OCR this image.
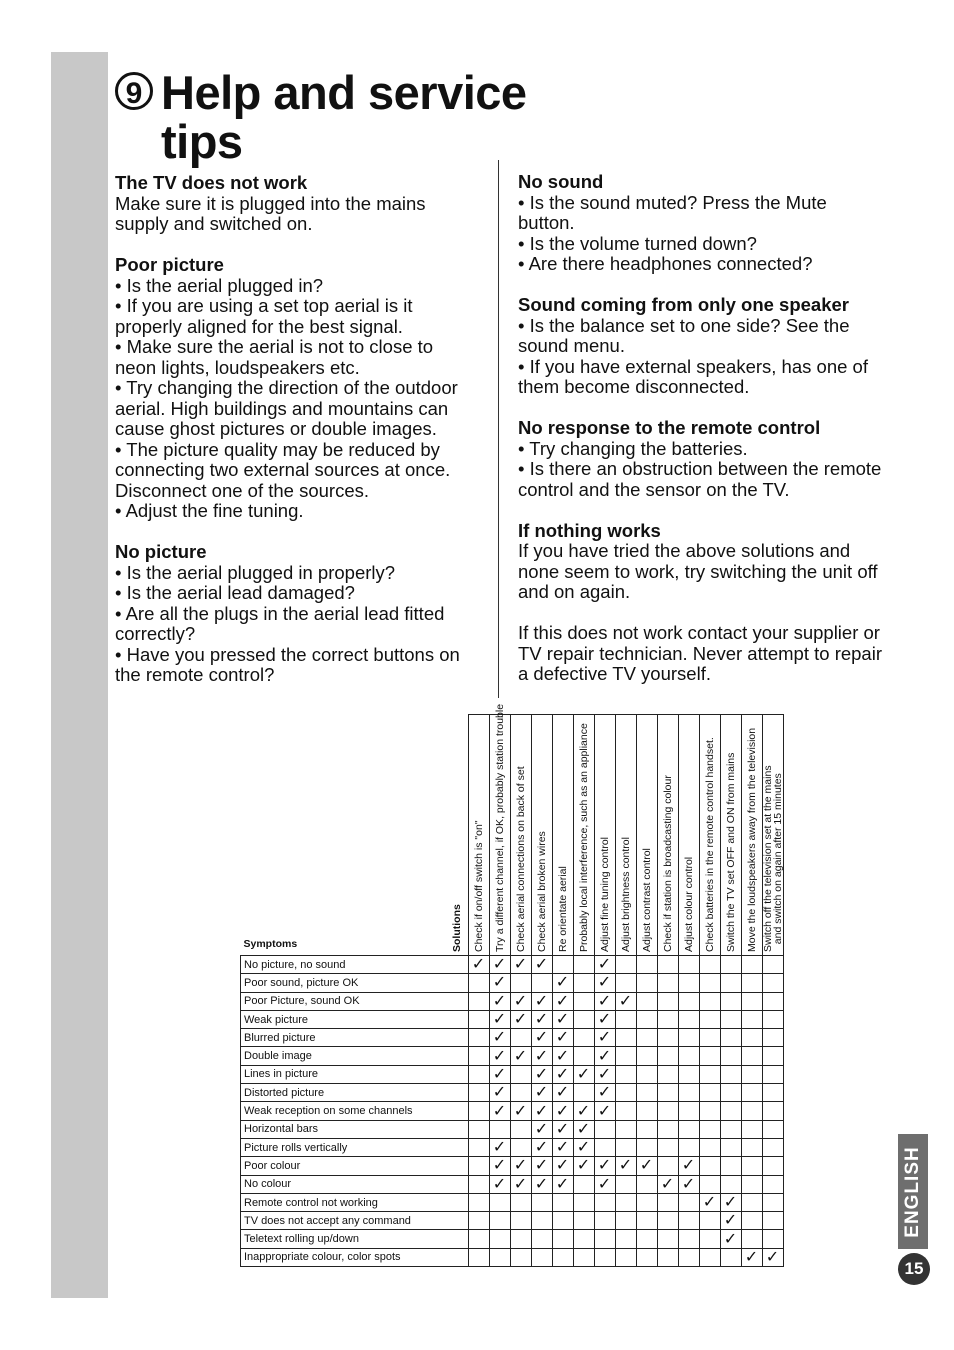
9 Help and service
tips
The TV does not work

Make sure it is plugged into the mains supply and switched on.

Poor picture

• Is the aerial plugged in?

• If you are using a set top aerial is it properly aligned for the best signal.

• Make sure the aerial is not to close to neon lights, loudspeakers etc.

• Try changing the direction of the outdoor aerial. High buildings and mountains can cause ghost pictures or double images.

• The picture quality may be reduced by connecting two external sources at once. Disconnect one of the sources.

• Adjust the fine tuning.

No picture

• Is the aerial plugged in properly?

• Is the aerial lead damaged?

• Are all the plugs in the aerial lead fitted correctly?

• Have you pressed the correct buttons on the remote control?

No sound

• Is the sound muted? Press the Mute button.

• Is the volume turned down?

• Are there headphones connected?

Sound coming from only one speaker

• Is the balance set to one side? See the sound menu.

• If you have external speakers, has one of them become disconnected.

No response to the remote control

• Try changing the batteries.

• Is there an obstruction between the remote control and the sensor on the TV.

If nothing works

If you have tried the above solutions and none seem to work, try switching the unit off and on again.

If this does not work contact your supplier or TV repair technician. Never attempt to repair a defective TV yourself.

Symptoms	Solutions	Check if on/off switch is "on"	Try a different channel, if OK, probably station trouble	Check aerial connections on back of set	Check aerial broken wires	Re orientate aerial	Probably local interference, such as an appliance	Adjust fine tuning control	Adjust brightness control	Adjust contrast control	Check if station is broadcasting colour	Adjust colour control	Check batteries in the remote control handset.	Switch the TV set OFF and ON from mains	Move the loudspeakers away from the television	Switch off the television set at the mains
and switch on again after 15 minutes

No picture, no sound		✓	✓	✓	✓			✓								
Poor sound, picture OK			✓			✓		✓								
Poor Picture, sound OK			✓	✓	✓	✓		✓	✓							
Weak picture			✓	✓	✓	✓		✓								
Blurred picture			✓		✓	✓		✓								
Double image			✓	✓	✓	✓		✓								
Lines in picture			✓		✓	✓	✓	✓								
Distorted picture			✓		✓	✓		✓								
Weak reception on some channels			✓	✓	✓	✓	✓	✓								
Horizontal bars					✓	✓	✓									
Picture rolls vertically			✓		✓	✓	✓									
Poor colour			✓	✓	✓	✓	✓	✓	✓	✓		✓				
No colour			✓	✓	✓	✓		✓			✓	✓				
Remote control not working													✓	✓		
TV does not accept any command														✓		
Teletext rolling up/down														✓		
Inappropriate colour, color spots															✓	✓
ENGLISH
15
